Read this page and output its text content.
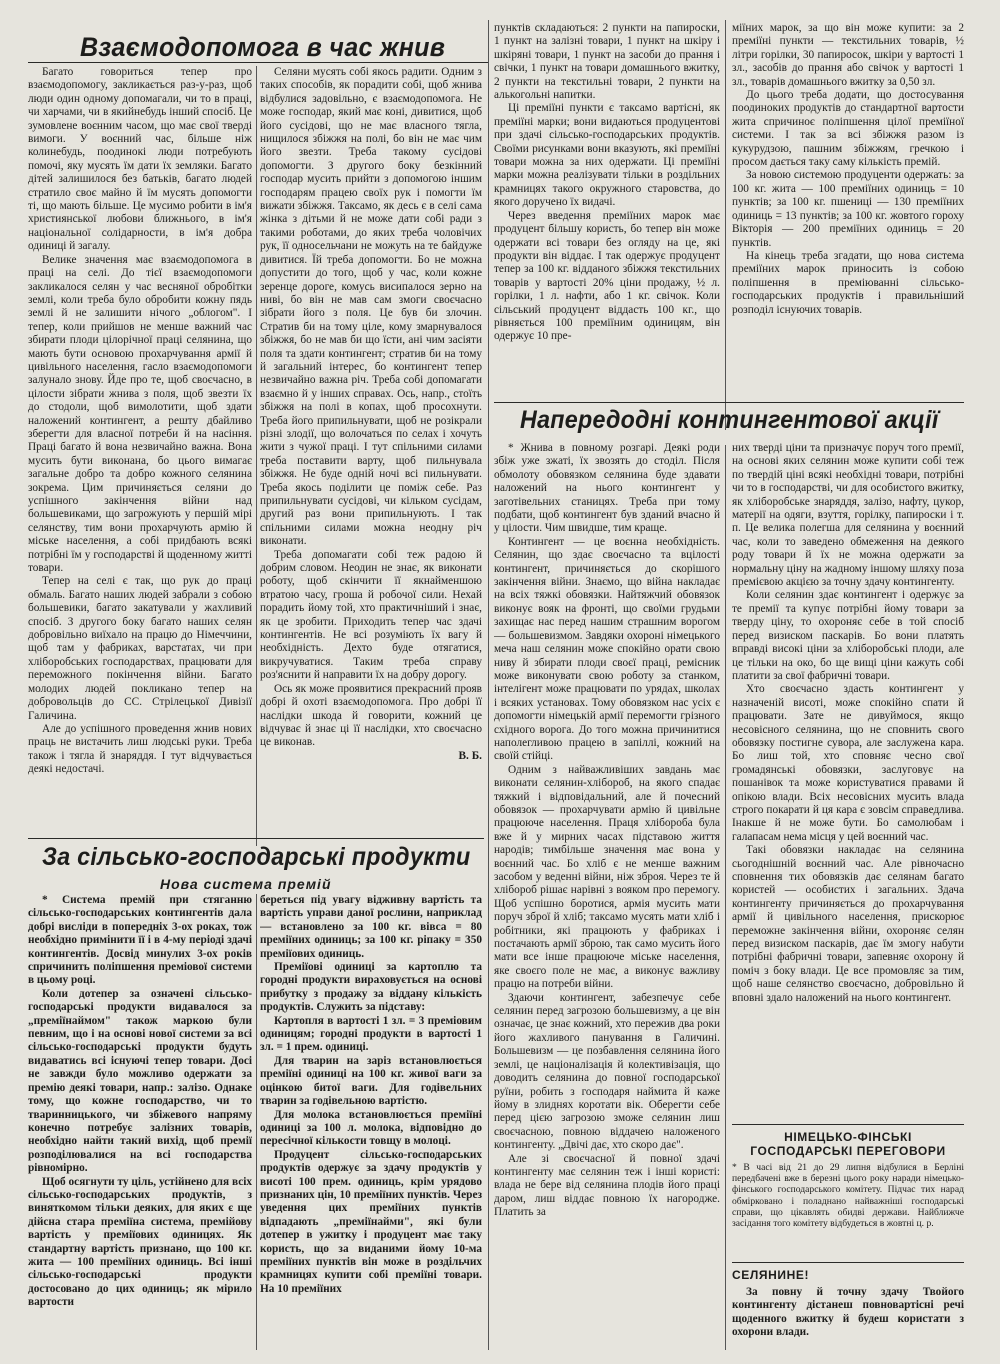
Взаємодопомога в час жнив

Багато говориться тепер про взаємодопомогу, закликається раз-у-раз, щоб люди один одному допомагали, чи то в праці, чи харчами, чи в якийнебудь інший спосіб. Це зумовлене воєнним часом, що має свої тверді вимоги. У воєнний час, більше ніж колинебудь, поодинокі люди потребують помочі, яку мусять їм дати їх земляки. Багато дітей залишилося без батьків, багато людей стратило своє майно й їм мусять допомогти ті, що мають більше. Це мусимо робити в ім'я християнської любови ближнього, в ім'я національної солідарности, в ім'я добра одиниці й загалу.

Велике значення має взаємодопомога в праці на селі. До тієї взаємодопомоги закликалося селян у час весняної обробітки землі, коли треба було обробити кожну пядь землі й не залишити нічого „облогом". І тепер, коли прийшов не менше важний час збирати плоди цілорічної праці селянина, що мають бути основою прохарчування армії й цивільного населення, гасло взаємодопомоги залунало знову. Йде про те, щоб своєчасно, в цілости зібрати жнива з поля, щоб звезти їх до стодоли, щоб вимолотити, щоб здати наложений контингент, а решту дбайливо зберегти для власної потреби й на насіння. Праці багато й вона незвичайно важна. Вона мусить бути виконана, бо цього вимагає загальне добро та добро кожного селянина зокрема. Цим причиняється селяни до успішного закінчення війни над большевиками, що загрожують у першій мірі селянству, тим вони прохарчують армію й міське населення, а собі придбають всякі потрібні їм у господарстві й щоденному житті товари.

Тепер на селі є так, що рук до праці обмаль. Багато наших людей забрали з собою большевики, багато закатували у жахливий спосіб. З другого боку багато наших селян добровільно виїхало на працю до Німеччини, щоб там у фабриках, варстатах, чи при хліборобських господарствах, працювати для переможного покінчення війни. Багато молодих людей покликано тепер на добровольців до СС. Стрілецької Дивізії Галичина.

Але до успішного проведення жнив нових праць не вистачить лиш людські руки. Треба також і тягла й знаряддя. І тут відчувається деякі недостачі.

Селяни мусять собі якось радити. Одним з таких способів, як порадити собі, щоб жнива відбулися задовільно, є взаємодопомога. Не може господар, який має коні, дивитися, щоб його сусідові, що не має власного тягла, нищилося збіжжя на полі, бо він не має чим його звезти. Треба такому сусідові допомогти. З другого боку безкінний господар мусить прийти з допомогою іншим господарям працею своїх рук і помогти їм вижати збіжжя. Таксамо, як десь є в селі сама жінка з дітьми й не може дати собі ради з такими роботами, до яких треба чоловічих рук, її односельчани не можуть на те байдуже дивитися. Їй треба допомогти. Бо не можна допустити до того, щоб у час, коли кожне зеренце дороге, комусь висипалося зерно на ниві, бо він не мав сам змоги своєчасно зібрати його з поля. Це був би злочин. Стратив би на тому ціле, кому змарнувалося збіжжя, бо не мав би що їсти, ані чим засіяти поля та здати контингент; стратив би на тому й загальний інтерес, бо контингент тепер незвичайно важна річ. Треба собі допомагати взаємно й у інших справах. Ось, напр., стоїть збіжжя на полі в копах, щоб просохнути. Треба його припильнувати, щоб не розікрали різні злодії, що волочаться по селах і хочуть жити з чужої праці. І тут спільними силами треба поставити варту, щоб пильнувала збіжжя. Не буде одній ночі всі пильнувати. Треба якось поділити це поміж себе. Раз припильнувати сусідові, чи кільком сусідам, другий раз вони припильнують. І так спільними силами можна неодну річ виконати.

Треба допомагати собі теж радою й добрим словом. Неодин не знає, як виконати роботу, щоб скінчити її якнайменшою втратою часу, гроша й робочої сили. Нехай порадить йому той, хто практичніший і знає, як це зробити. Приходить тепер час здачі контингентів. Не всі розуміють їх вагу й необхідність. Дехто буде отягатися, викручуватися. Таким треба справу роз'яснити й направити їх на добру дорогу.

Ось як може проявитися прекрасний прояв добрі й охоті взаємодопомога. Про добрі її наслідки шкода й говорити, кожний це відчуває й знає ці її наслідки, хто своєчасно це виконав.

В. Б.

пунктів складаються: 2 пункти на папироски, 1 пункт на залізні товари, 1 пункт на шкіру і шкіряні товари, 1 пункт на засоби до прання і свічки, 1 пункт на товари домашнього вжитку, 2 пункти на текстильні товари, 2 пункти на алькогольні напитки.

Ці преміїні пункти є таксамо вартісні, як преміїні марки; вони видаються продуцентові при здачі сільсько-господарських продуктів. Своїми рисунками вони вказують, які преміїні товари можна за них одержати. Ці преміїні марки можна реалізувати тільки в роздільних крамницях такого окружного старовства, до якого доручено їх видачі.

Через введення преміїних марок має продуцент більшу користь, бо тепер він може одержати всі товари без огляду на це, які продукти він віддає. І так одержує продуцент тепер за 100 кг. відданого збіжжя текстильних товарів у вартості 20% ціни продажу, ½ л. горілки, 1 л. нафти, або 1 кг. свічок. Коли сільський продуцент віддасть 100 кг., що рівняється 100 преміїним одиницям, він одержує 10 пре-

міїних марок, за що він може купити: за 2 преміїні пункти — текстильних товарів, ½ літри горілки, 30 папиросок, шкіри у вартості 1 зл., засобів до прання або свічок у вартості 1 зл., товарів домашнього вжитку за 0,50 зл.

До цього треба додати, що достосування поодиноких продуктів до стандартної вартости жита спричиноє поліпшення цілої преміїної системи. І так за всі збіжжя разом із кукурудзою, пашним збіжжям, гречкою і просом дається таку саму кількість премій.

За новою системою продуценти одержать: за 100 кг. жита — 100 преміїних одиниць = 10 пунктів; за 100 кг. пшениці — 130 преміїних одиниць = 13 пунктів; за 100 кг. жовтого гороху Вікторія — 200 преміїних одиниць = 20 пунктів.

На кінець треба згадати, що нова система преміїних марок приносить із собою поліпшення в преміюванні сільсько-господарських продуктів і правильніший розподіл існуючих товарів.

Напередодні контингентової акції

* Жнива в повному розгарі. Деякі роди збіж уже зжаті, їх звозять до стоділ. Після обмолоту обовязком селянина буде здавати наложений на нього контингент у заготівельних станицях. Треба при тому подбати, щоб контингент був зданий вчасно й у цілости. Чим швидше, тим краще.

Контингент — це воєнна необхідність. Селянин, що здає своєчасно та вцілості контингент, причиняється до скорішого закінчення війни. Знаємо, що війна накладає на всіх тяжкі обовязки. Найтяжчий обовязок виконує вояк на фронті, що своїми грудьми захищає нас перед нашим страшним ворогом — большевизмом. Завдяки охороні німецького меча наш селянин може спокійно орати свою ниву й збирати плоди своєї праці, ремісник може виконувати свою роботу за станком, інтелігент може працювати по урядах, школах і всяких установах. Тому обовязком нас усіх є допомогти німецькій армії перемогти грізного східного ворога. До того можна причинитися наполегливою працею в запіллі, кожний на своїй стійці.

Одним з найважливіших завдань має виконати селянин-хлібороб, на якого спадає тяжкий і відповідальний, але й почесний обовязок — прохарчувати армію й цивільне працююче населення. Праця хлібороба була вже й у мирних часах підставою життя народів; тимбільше значення має вона у воєнний час. Бо хліб є не менше важним засобом у веденні війни, ніж зброя. Через те й хлібороб рішає нарівні з вояком про перемогу. Щоб успішно боротися, армія мусить мати поруч зброї й хліб; таксамо мусять мати хліб і робітники, які працюють у фабриках і постачають армії зброю, так само мусить його мати все інше працююче міське населення, яке своєго поле не має, а виконує важливу працю на потреби війни.

Здаючи контингент, забезпечує себе селянин перед загрозою большевизму, а це він означає, це знає кожний, хто пережив два роки його жахливого панування в Галичині. Большевизм — це позбавлення селянина його землі, це націоналізація й колективізація, що доводить селянина до повної господарської руїни, робить з господаря наймита й каже йому в злиднях коротати вік. Оберегти себе перед цією загрозою зможе селянин лиш своєчасною, повною віддачею наложеного контингенту. „Двічі дає, хто скоро дає".

Але зі своєчасної й повної здачі контингенту має селянин теж і інші користі: влада не бере від селянина плодів його праці даром, лиш віддає повною їх нагородже. Платить за

них тверді ціни та призначує поруч того премії, на основі яких селянин може купити собі теж по твердій ціні всякі необхідні товари, потрібні чи то в господарстві, чи для особистого вжитку, як хліборобське знаряддя, залізо, нафту, цукор, матерії на одяги, взуття, горілку, папироски і т. п. Це велика полегша для селянина у воєнний час, коли то заведено обмеження на деякого роду товари й їх не можна одержати за нормальну ціну на жадному іншому шляху поза премієвою акцією за точну здачу контингенту.

Коли селянин здає контингент і одержує за те премії та купує потрібні йому товари за тверду ціну, то охороняє себе в той спосіб перед визиском паскарів. Бо вони платять вправді високі ціни за хліборобські плоди, але це тільки на око, бо ще вищі ціни кажуть собі платити за свої фабричні товари.

Хто своєчасно здасть контингент у назначеній висоті, може спокійно спати й працювати. Зате не дивуймося, якщо несовісного селянина, що не сповнить свого обовязку постигне сувора, але заслужена кара. Бо лиш той, хто сповняє чесно свої громадянські обовязки, заслуговує на пошанівок та може користуватися правами й опікою влади. Всіх несовісних мусить влада строго покарати й ця кара є зовсім справедлива. Інакше й не може бути. Бо самолюбам і галапасам нема місця у цей воєнний час.

Такі обовязки накладає на селянина сьогоднішній воєнний час. Але рівночасно сповнення тих обовязків дає селянам багато користей — особистих і загальних. Здача контингенту причиняється до прохарчування армії й цивільного населення, прискорює переможне закінчення війни, охороняє селян перед визиском паскарів, дає їм змогу набути потрібні фабричні товари, запевняє охорону й поміч з боку влади. Це все промовляє за тим, щоб наше селянство своєчасно, добровільно й вповні здало наложений на нього контингент.

НІМЕЦЬКО-ФІНСЬКІ ГОСПОДАРСЬКІ ПЕРЕГОВОРИ

* В часі від 21 до 29 липня відбулися в Берліні передбачені вже в березні цього року наради німецько-фінського господарського комітету. Підчас тих нарад обмірковано і поладнано найважніші господарські справи, що цікавлять обидві держави. Найближче засідання того комітету відбудеться в жовтні ц. р.

СЕЛЯНИНЕ!

За повну й точну здачу Твойого контингенту дістанеш повновартісні речі щоденного вжитку й будеш користати з охорони влади.

За сільсько-господарські продукти
Нова система премій

* Система премій при стяганню сільсько-господарських контингентів дала добрі висліди в попередніх 3-ох роках, тож необхідно примінити її і в 4-му періоді здачі контингентів. Досвід минулих 3-ох років спричинить поліпшення преміової системи в цьому році.

Коли дотепер за означені сільсько-господарські продукти видавалося за „преміїнаймом" також маркою були певним, що і на основі нової системи за всі сільсько-господарські продукти будуть видаватись всі існуючі тепер товари. Досі не завжди було можливо одержати за премію деякі товари, напр.: залізо. Однаке тому, що кожне господарство, чи то тваринницького, чи збіжевого напряму конечно потребує залізних товарів, необхідно найти такий вихід, щоб премії розподілювалися на всі господарства рівномірно.

Щоб осягнути ту ціль, устійнено для всіх сільсько-господарських продуктів, з виняткомом тільки деяких, для яких є ще дійсна стара преміїна система, премійову вартість у преміїових одиницях. Як стандартну вартість признано, що 100 кг. жита — 100 преміїних одиниць. Всі інші сільсько-господарські продукти достосовано до цих одиниць; як мірило вартости

береться під увагу відживну вартість та вартість управи даної рослини, наприклад — встановлено за 100 кг. вівса = 80 преміїних одиниць; за 100 кг. ріпаку = 350 преміїових одиниць.

Преміїові одиниці за картоплю та городні продукти вираховується на основі прибутку з продажу за віддану кількість продуктів. Служить за підставу:

Картопля в вартості 1 зл. = 3 преміовим одиницям; городні продукти в вартості 1 зл. = 1 прем. одиниці.

Для тварин на заріз встановлюється преміїні одиниці на 100 кг. живої ваги за оцінкою битої ваги. Для годівельних тварин за годівельною вартістю.

Для молока встановлюється преміїні одиниці за 100 л. молока, відповідно до пересічної кількости товщу в молоці.

Продуцент сільсько-господарських продуктів одержує за здачу продуктів у висоті 100 прем. одиниць, крім урядово признаних цін, 10 преміїних пунктів. Через уведення цих преміїних пунктів відпадають „преміїнайми", які були дотепер в ужитку і продуцент має таку користь, що за виданими йому 10-ма преміїних пунктів він може в роздільчих крамницях купити собі преміїні товари. На 10 преміїних
